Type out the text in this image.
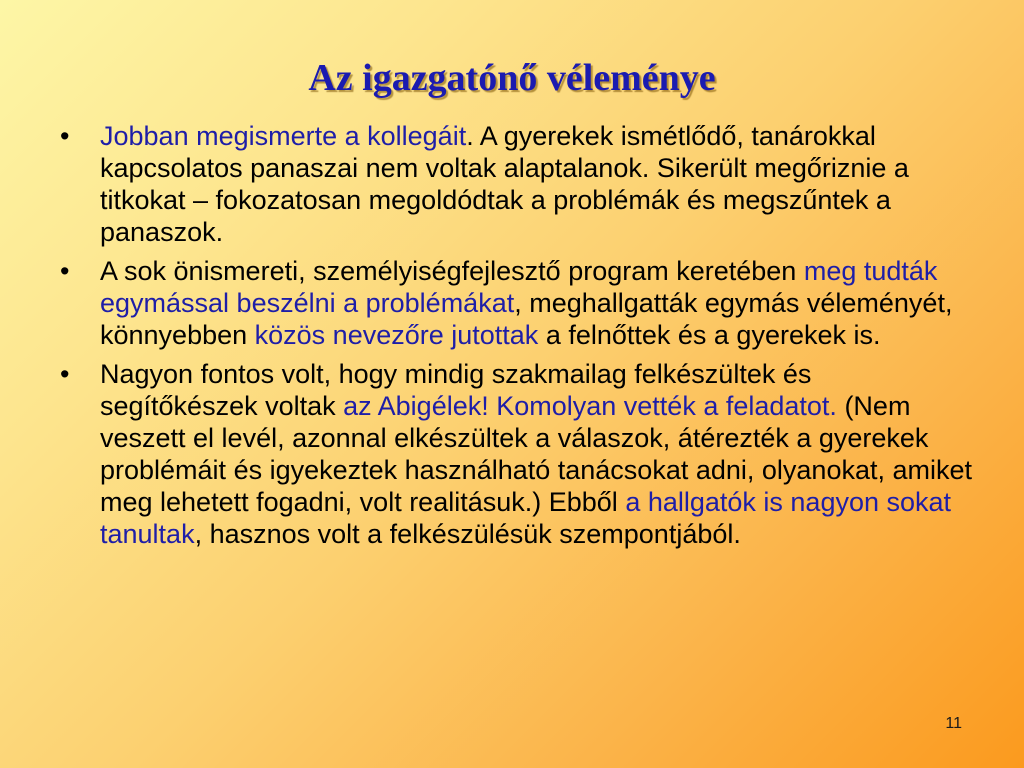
Az igazgatónő véleménye
• Jobban megismerte a kollegáit. A gyerekek ismétlődő, tanárokkal kapcsolatos panaszai nem voltak alaptalanok. Sikerült megőriznie a titkokat – fokozatosan megoldódtak a problémák és megszűntek a panaszok.
• A sok önismereti, személyiségfejlesztő program keretében meg tudták egymással beszélni a problémákat, meghallgatták egymás véleményét, könnyebben közös nevezőre jutottak a felnőttek és a gyerekek is.
• Nagyon fontos volt, hogy mindig szakmailag felkészültek és segítőkészek voltak az Abigélek! Komolyan vették a feladatot. (Nem veszett el levél, azonnal elkészültek a válaszok, átérezték a gyerekek problémáit és igyekeztek használható tanácsokat adni, olyanokat, amiket meg lehetett fogadni, volt realitásuk.) Ebből a hallgatók is nagyon sokat tanultak, hasznos volt a felkészülésük szempontjából.
11
